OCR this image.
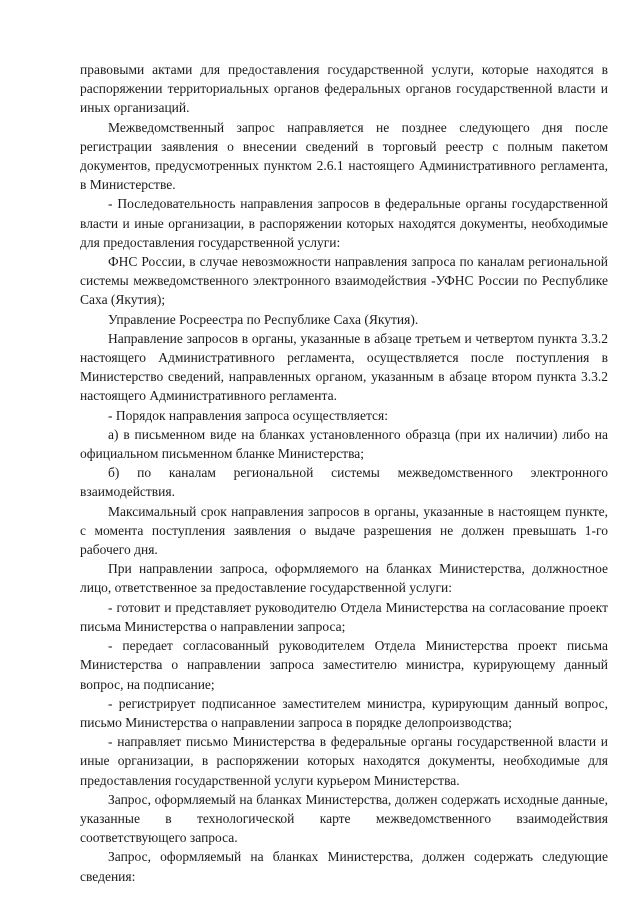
правовыми актами для предоставления государственной услуги, которые находятся в распоряжении территориальных органов федеральных органов государственной власти и иных организаций.

Межведомственный запрос направляется не позднее следующего дня после регистрации заявления о внесении сведений в торговый реестр с полным пакетом документов, предусмотренных пунктом 2.6.1 настоящего Административного регламента, в Министерстве.

- Последовательность направления запросов в федеральные органы государственной власти и иные организации, в распоряжении которых находятся документы, необходимые для предоставления государственной услуги:

ФНС России, в случае невозможности направления запроса по каналам региональной системы межведомственного электронного взаимодействия -УФНС России по Республике Саха (Якутия);

Управление Росреестра по Республике Саха (Якутия).

Направление запросов в органы, указанные в абзаце третьем и четвертом пункта 3.3.2 настоящего Административного регламента, осуществляется после поступления в Министерство сведений, направленных органом, указанным в абзаце втором пункта 3.3.2 настоящего Административного регламента.

- Порядок направления запроса осуществляется:

а) в письменном виде на бланках установленного образца (при их наличии) либо на официальном письменном бланке Министерства;

б) по каналам региональной системы межведомственного электронного взаимодействия.

Максимальный срок направления запросов в органы, указанные в настоящем пункте, с момента поступления заявления о выдаче разрешения не должен превышать 1-го рабочего дня.

При направлении запроса, оформляемого на бланках Министерства, должностное лицо, ответственное за предоставление государственной услуги:

- готовит и представляет руководителю Отдела Министерства на согласование проект письма Министерства о направлении запроса;

- передает согласованный руководителем Отдела Министерства проект письма Министерства о направлении запроса заместителю министра, курирующему данный вопрос, на подписание;

- регистрирует подписанное заместителем министра, курирующим данный вопрос, письмо Министерства о направлении запроса в порядке делопроизводства;

- направляет письмо Министерства в федеральные органы государственной власти и иные организации, в распоряжении которых находятся документы, необходимые для предоставления государственной услуги курьером Министерства.

Запрос, оформляемый на бланках Министерства, должен содержать исходные данные, указанные в технологической карте межведомственного взаимодействия соответствующего запроса.

Запрос, оформляемый на бланках Министерства, должен содержать следующие сведения:
